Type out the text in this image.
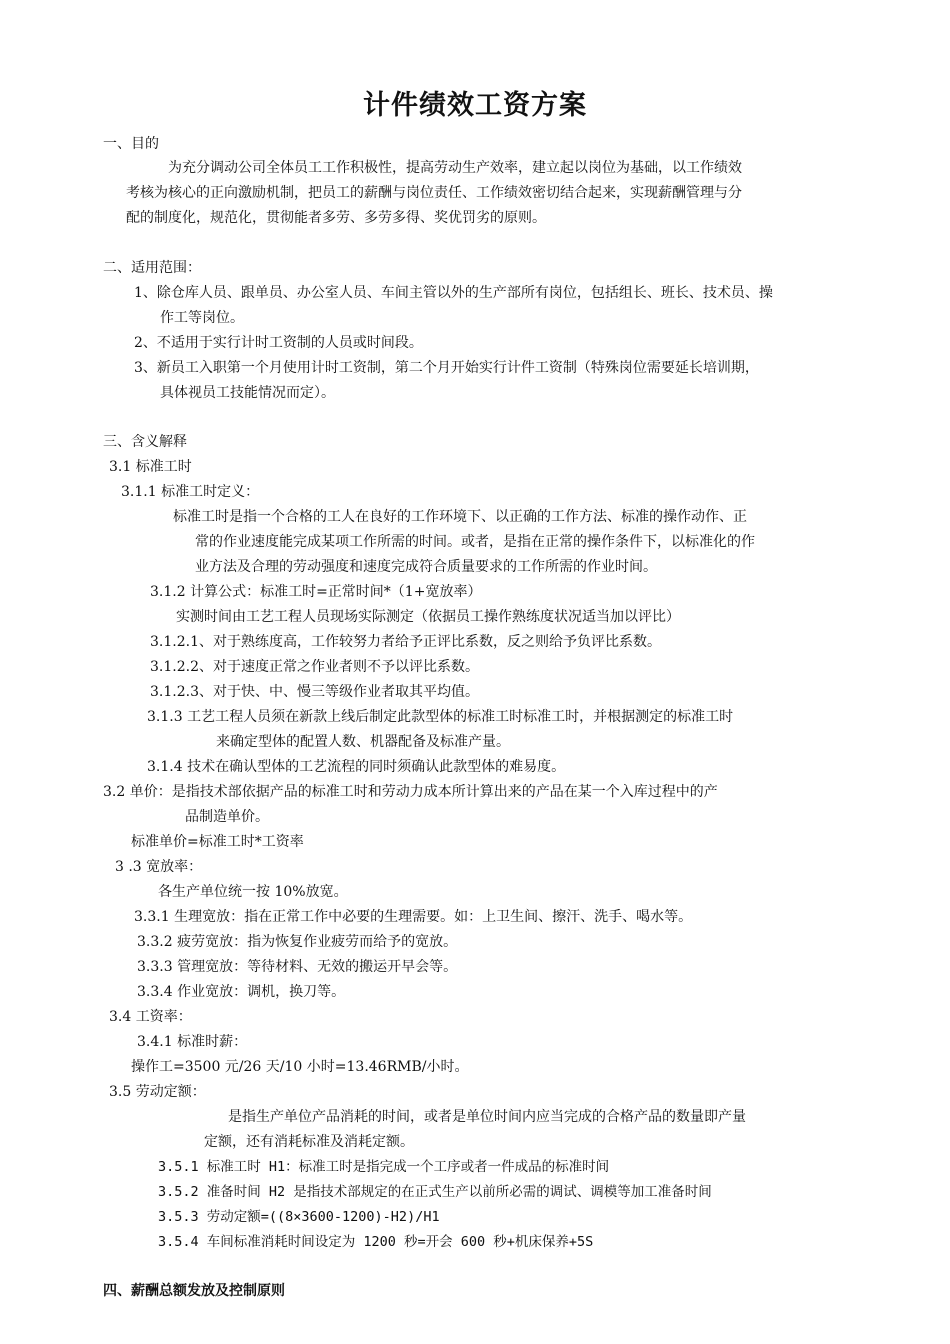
计件绩效工资方案
一、目的
为充分调动公司全体员工工作积极性，提高劳动生产效率，建立起以岗位为基础，以工作绩效
考核为核心的正向激励机制，把员工的薪酬与岗位责任、工作绩效密切结合起来，实现薪酬管理与分
配的制度化，规范化，贯彻能者多劳、多劳多得、奖优罚劣的原则。
二、适用范围：
1、除仓库人员、跟单员、办公室人员、车间主管以外的生产部所有岗位，包括组长、班长、技术员、操
作工等岗位。
2、不适用于实行计时工资制的人员或时间段。
3、新员工入职第一个月使用计时工资制，第二个月开始实行计件工资制（特殊岗位需要延长培训期，
具体视员工技能情况而定）。
三、含义解释
3.1 标准工时
3.1.1 标准工时定义：
标准工时是指一个合格的工人在良好的工作环境下、以正确的工作方法、标准的操作动作、正
常的作业速度能完成某项工作所需的时间。或者，是指在正常的操作条件下，以标准化的作
业方法及合理的劳动强度和速度完成符合质量要求的工作所需的作业时间。
3.1.2 计算公式：标准工时=正常时间*（1+宽放率）
实测时间由工艺工程人员现场实际测定（依据员工操作熟练度状况适当加以评比）
3.1.2.1、对于熟练度高，工作较努力者给予正评比系数，反之则给予负评比系数。
3.1.2.2、对于速度正常之作业者则不予以评比系数。
3.1.2.3、对于快、中、慢三等级作业者取其平均值。
3.1.3 工艺工程人员须在新款上线后制定此款型体的标准工时标准工时，并根据测定的标准工时
来确定型体的配置人数、机器配备及标准产量。
3.1.4 技术在确认型体的工艺流程的同时须确认此款型体的难易度。
3.2 单价：是指技术部依据产品的标准工时和劳动力成本所计算出来的产品在某一个入库过程中的产
品制造单价。
标准单价=标准工时*工资率
3 .3 宽放率：
各生产单位统一按 10%放宽。
3.3.1 生理宽放：指在正常工作中必要的生理需要。如：上卫生间、擦汗、洗手、喝水等。
3.3.2 疲劳宽放：指为恢复作业疲劳而给予的宽放。
3.3.3 管理宽放：等待材料、无效的搬运开早会等。
3.3.4 作业宽放：调机，换刀等。
3.4 工资率：
3.4.1 标准时薪：
操作工=3500 元/26 天/10 小时=13.46RMB/小时。
3.5 劳动定额：
是指生产单位产品消耗的时间，或者是单位时间内应当完成的合格产品的数量即产量
定额，还有消耗标准及消耗定额。
3.5.1 标准工时 H1：标准工时是指完成一个工序或者一件成品的标准时间
3.5.2 准备时间 H2 是指技术部规定的在正式生产以前所必需的调试、调模等加工准备时间
3.5.3 劳动定额=((8×3600-1200)-H2)/H1
3.5.4 车间标准消耗时间设定为 1200 秒=开会 600 秒+机床保养+5S
四、薪酬总额发放及控制原则
